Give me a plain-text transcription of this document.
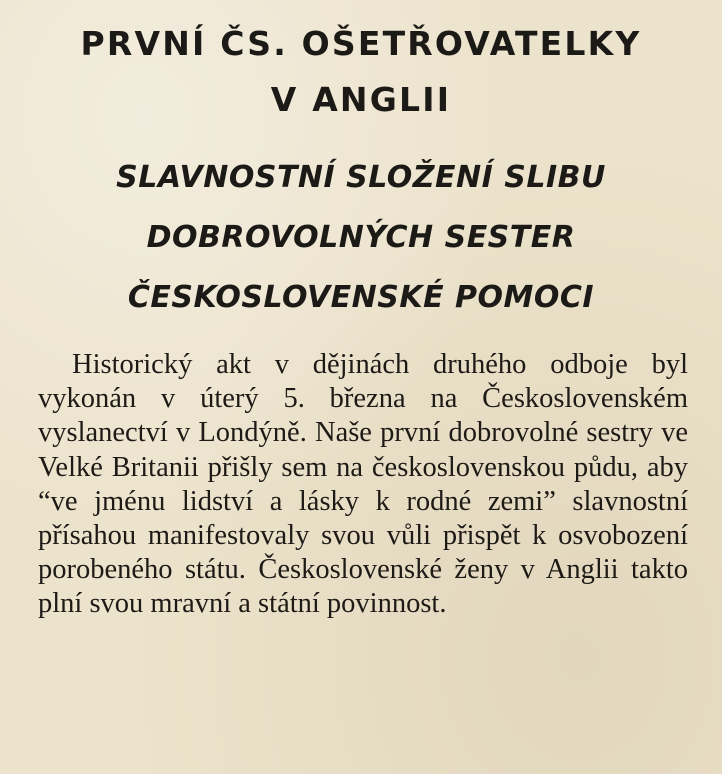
PRVNÍ ČS. OŠETŘOVATELKY
V ANGLII
SLAVNOSTNÍ SLOŽENÍ SLIBU
DOBROVOLNÝCH SESTER
ČESKOSLOVENSKÉ POMOCI

Historický akt v dějinách druhého odboje byl vykonán v úterý 5. března na Československém vyslanectví v Londýně. Naše první dobrovolné sestry ve Velké Britanii přišly sem na československou půdu, aby “ve jménu lidství a lásky k rodné zemi” slavnostní přísahou manifestovaly svou vůli přispět k osvobození porobeného státu. Československé ženy v Anglii takto plní svou mravní a státní povinnost.
